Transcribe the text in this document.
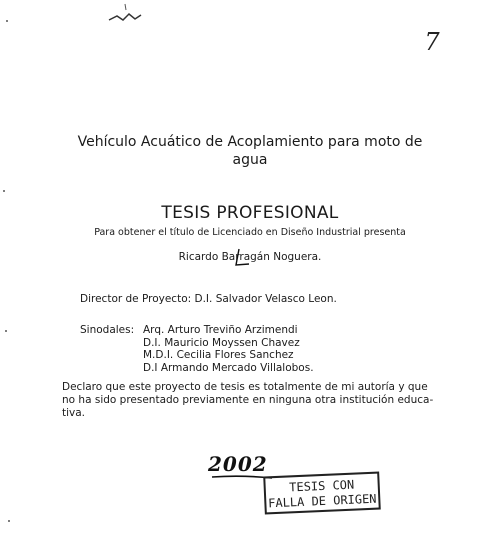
7
Vehículo Acuático de Acoplamiento para moto de
agua
TESIS PROFESIONAL
Para obtener el título de Licenciado en Diseño Industrial presenta
Ricardo Barragán Noguera.
Director de Proyecto: D.I. Salvador Velasco Leon.
Sinodales: Arq. Arturo Treviño Arzimendi
D.I. Mauricio Moyssen Chavez
M.D.I. Cecilia Flores Sanchez
D.I Armando Mercado Villalobos.
Declaro que este proyecto de tesis es totalmente de mi autoría y que
no ha sido presentado previamente en ninguna otra institución educa-
tiva.
2002
TESIS CON
FALLA DE ORIGEN
